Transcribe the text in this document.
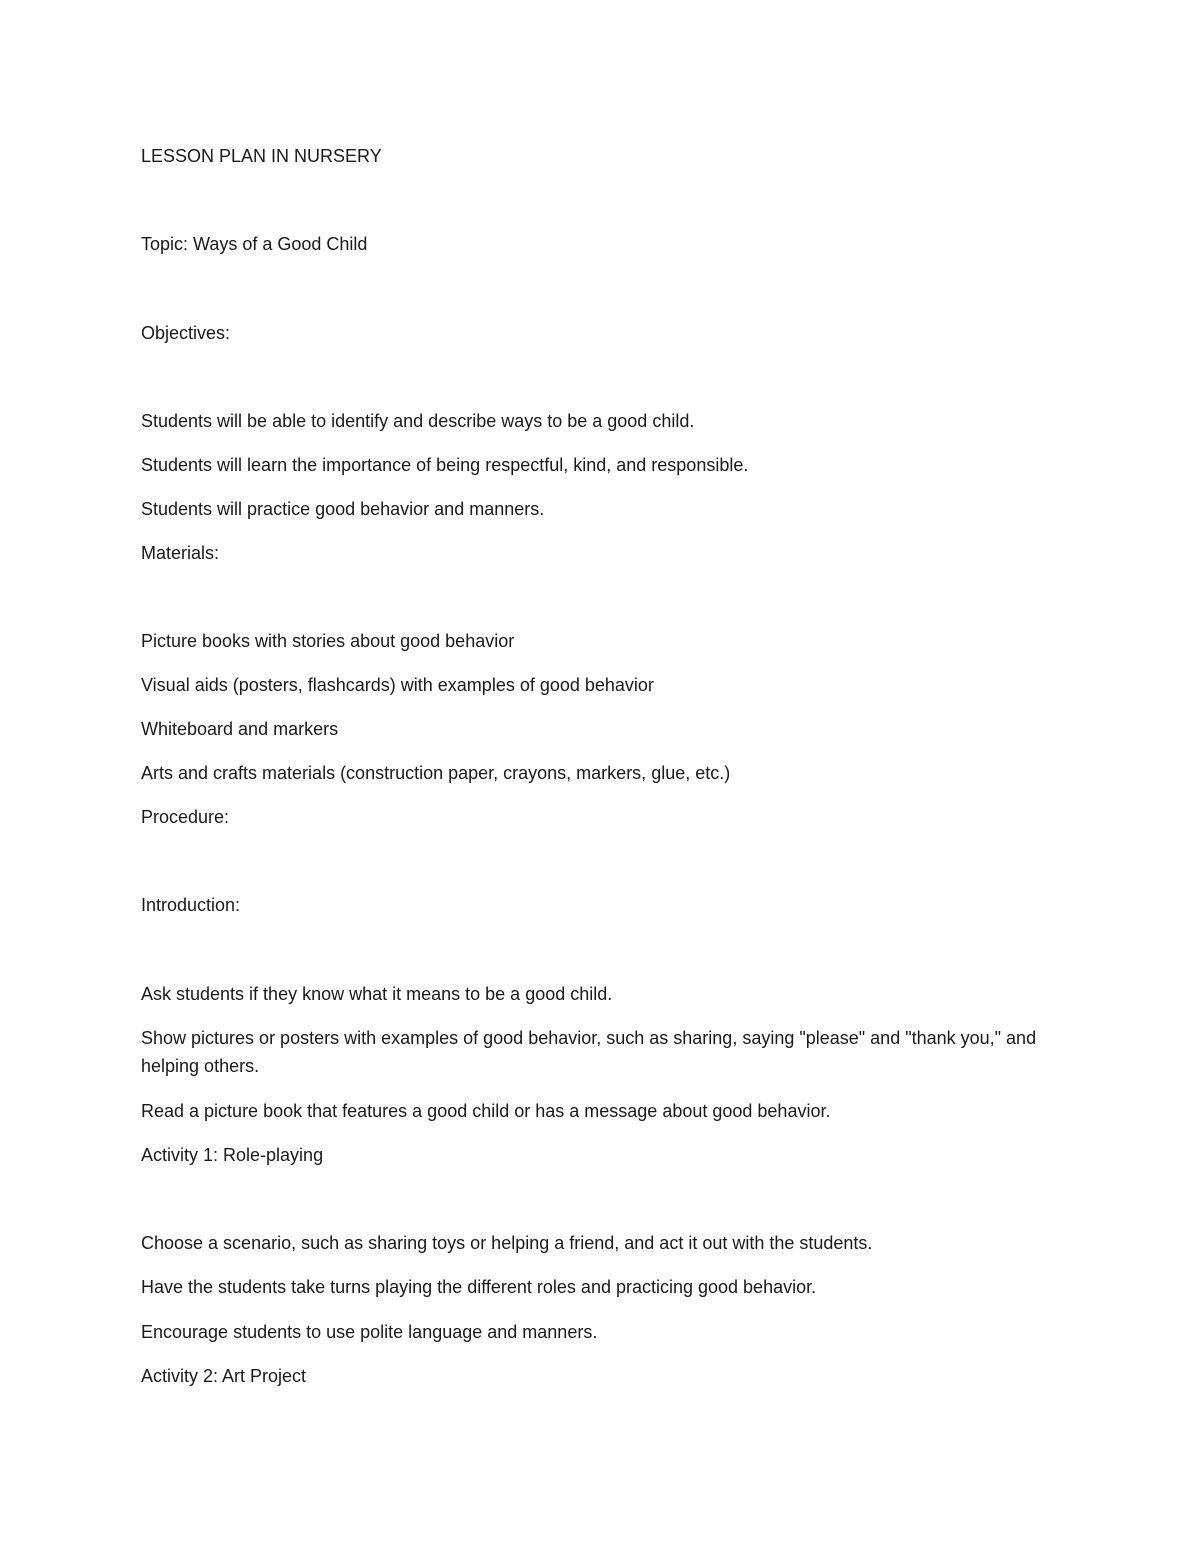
LESSON PLAN IN NURSERY
Topic: Ways of a Good Child
Objectives:
Students will be able to identify and describe ways to be a good child.
Students will learn the importance of being respectful, kind, and responsible.
Students will practice good behavior and manners.
Materials:
Picture books with stories about good behavior
Visual aids (posters, flashcards) with examples of good behavior
Whiteboard and markers
Arts and crafts materials (construction paper, crayons, markers, glue, etc.)
Procedure:
Introduction:
Ask students if they know what it means to be a good child.
Show pictures or posters with examples of good behavior, such as sharing, saying "please" and "thank you," and helping others.
Read a picture book that features a good child or has a message about good behavior.
Activity 1: Role-playing
Choose a scenario, such as sharing toys or helping a friend, and act it out with the students.
Have the students take turns playing the different roles and practicing good behavior.
Encourage students to use polite language and manners.
Activity 2: Art Project
